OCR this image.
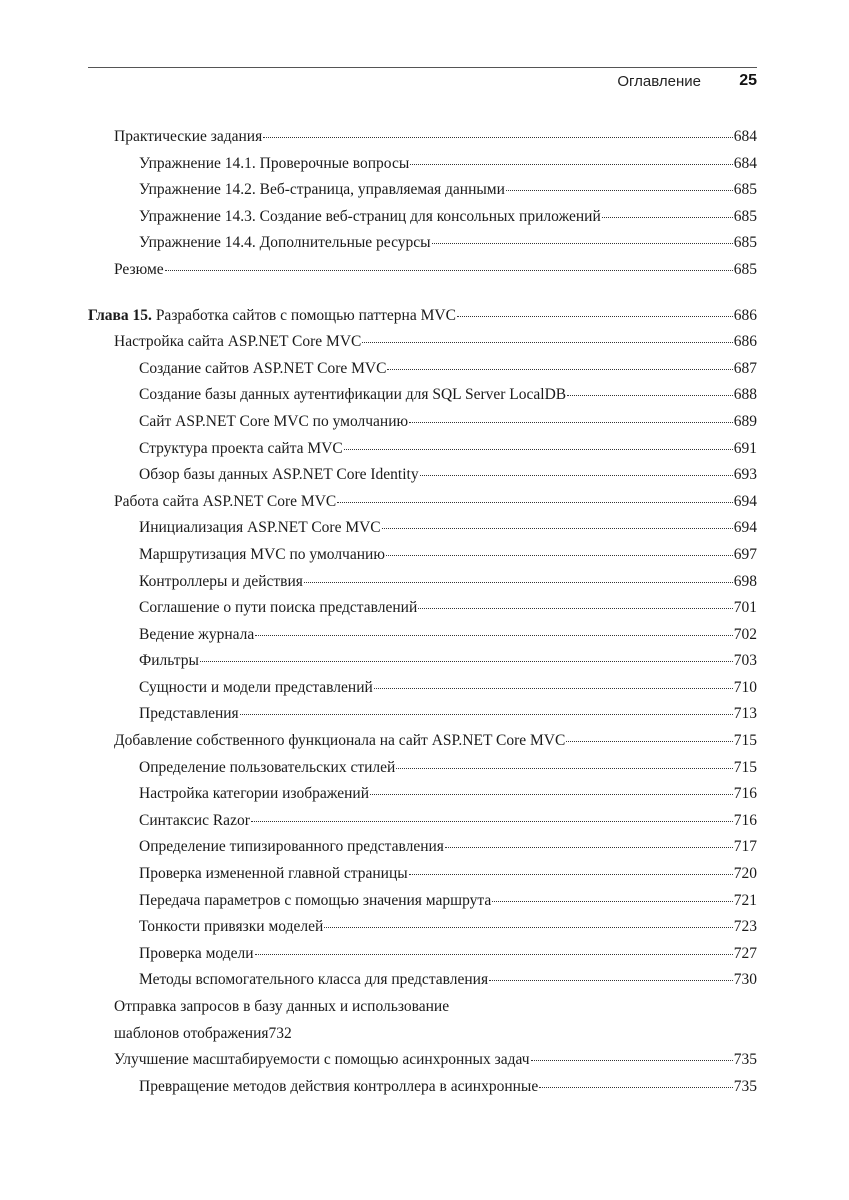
Оглавление 25
Практические задания	684
Упражнение 14.1. Проверочные вопросы	684
Упражнение 14.2. Веб-страница, управляемая данными	685
Упражнение 14.3. Создание веб-страниц для консольных приложений	685
Упражнение 14.4. Дополнительные ресурсы	685
Резюме	685
Глава 15. Разработка сайтов с помощью паттерна MVC	686
Настройка сайта ASP.NET Core MVC	686
Создание сайтов ASP.NET Core MVC	687
Создание базы данных аутентификации для SQL Server LocalDB	688
Сайт ASP.NET Core MVC по умолчанию	689
Структура проекта сайта MVC	691
Обзор базы данных ASP.NET Core Identity	693
Работа сайта ASP.NET Core MVC	694
Инициализация ASP.NET Core MVC	694
Маршрутизация MVC по умолчанию	697
Контроллеры и действия	698
Соглашение о пути поиска представлений	701
Ведение журнала	702
Фильтры	703
Сущности и модели представлений	710
Представления	713
Добавление собственного функционала на сайт ASP.NET Core MVC	715
Определение пользовательских стилей	715
Настройка категории изображений	716
Синтаксис Razor	716
Определение типизированного представления	717
Проверка измененной главной страницы	720
Передача параметров с помощью значения маршрута	721
Тонкости привязки моделей	723
Проверка модели	727
Методы вспомогательного класса для представления	730
Отправка запросов в базу данных и использование
шаблонов отображения 732
Улучшение масштабируемости с помощью асинхронных задач	735
Превращение методов действия контроллера в асинхронные	735
